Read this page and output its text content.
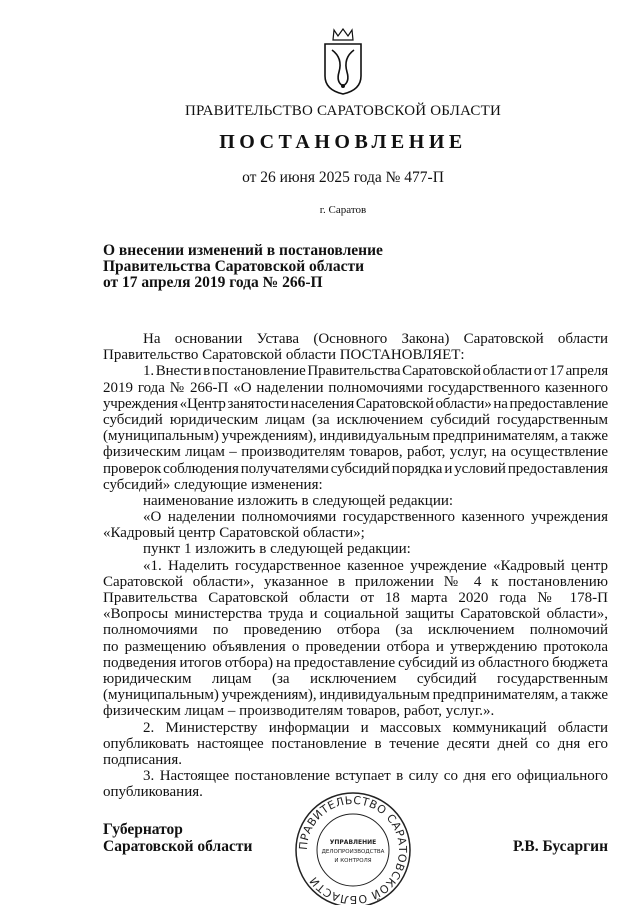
ПРАВИТЕЛЬСТВО САРАТОВСКОЙ ОБЛАСТИ
ПОСТАНОВЛЕНИЕ
от 26 июня 2025 года № 477-П
г. Саратов
О внесении изменений в постановление
Правительства Саратовской области
от 17 апреля 2019 года № 266-П
На основании Устава (Основного Закона) Саратовской области
Правительство Саратовской области ПОСТАНОВЛЯЕТ:
1. Внести в постановление Правительства Саратовской области от 17 апреля
2019 года № 266-П «О наделении полномочиями государственного казенного
учреждения «Центр занятости населения Саратовской области» на предоставление
субсидий юридическим лицам (за исключением субсидий государственным
(муниципальным) учреждениям), индивидуальным предпринимателям, а также
физическим лицам – производителям товаров, работ, услуг, на осуществление
проверок соблюдения получателями субсидий порядка и условий предоставления
субсидий» следующие изменения:
наименование изложить в следующей редакции:
«О наделении полномочиями государственного казенного учреждения
«Кадровый центр Саратовской области»;
пункт 1 изложить в следующей редакции:
«1. Наделить государственное казенное учреждение «Кадровый центр
Саратовской области», указанное в приложении № 4 к постановлению
Правительства Саратовской области от 18 марта 2020 года № 178-П
«Вопросы министерства труда и социальной защиты Саратовской области»,
полномочиями по проведению отбора (за исключением полномочий
по размещению объявления о проведении отбора и утверждению протокола
подведения итогов отбора) на предоставление субсидий из областного бюджета
юридическим лицам (за исключением субсидий государственным
(муниципальным) учреждениям), индивидуальным предпринимателям, а также
физическим лицам – производителям товаров, работ, услуг.».
2. Министерству информации и массовых коммуникаций области
опубликовать настоящее постановление в течение десяти дней со дня его
подписания.
3. Настоящее постановление вступает в силу со дня его официального
опубликования.
Губернатор
Саратовской области	ПРАВИТЕЛЬСТВО САРАТОВСКОЙ ОБЛАСТИ
УПРАВЛЕНИЕ
ДЕЛОПРОИЗВОДСТВА
И КОНТРОЛЯ
Р.В. Бусаргин
